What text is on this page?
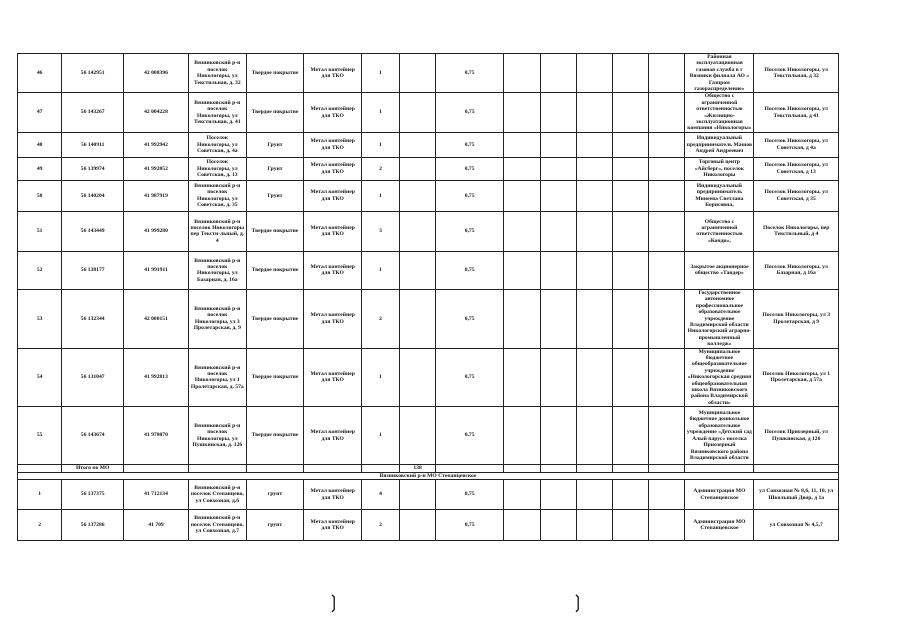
46	56 142951	42 008396	Вязниковский р-н поселок Никологоры, ул Текстильная, д. 32	Твердое покрытие	Метал контейнер для ТКО	1		0,75						Районная эксплуатационная газовая служба в г Вязники филиала АО « Газпром газораспределение»	Поселок Никологоры, ул Текстильная, д 32
47	56 143267	42 004228	Вязниковский р-н поселок Никологоры, ул Текстильная, д. 41	Твердое покрытие	Метал контейнер для ТКО	1		0,75						Общество с ограниченной ответственностью «Жилищно-эксплуатационная компания «Никологоры»	Поселок Никологоры, ул Текстильная, д 41
48	56 140911	41 992942	Поселок Никологоры, ул Советская, д. 4а	Грунт	Метал контейнер для ТКО	1		0,75						Индивидуальный предприниматель Машов Андрей Андреевич	Поселок Никологоры, ул Советская, д 4а
49	56 139974	41 992052	Поселок Никологоры, ул Советская, д. 13	Грунт	Метал контейнер для ТКО	2		0,75						Торговый центр «Айсберг», поселок Никологоры	Поселок Никологоры, ул Советская, д 13
50	56 140204	41 987919	Вязниковский р-н поселок Никологоры, ул Советская, д. 35	Грунт	Метал контейнер для ТКО	1		0,75						Индивидуальный предприниматель Минеева Светлана Борисовна,	Поселок Никологоры, ул Советская, д 35
51	56 143449	41 999280	Вязниковский р-н поселок Никологоры пер Тексти-льный, д. 4	Твердое покрытие	Метал контейнер для ТКО	3		0,75						Общество с ограниченной ответственностью «Конди»,	Поселок Никологоры, пер Текстильный, д 4
52	56 138177	41 991911	Вязниковский р-н поселок Никологоры, ул Базарная, д. 16а	Твердое покрытие	Метал контейнер для ТКО	1		0,75						Закрытое акционерное общество «Тандер»	Поселок Никологоры, ул Базарная, д 16а
53	56 132344	42 000151	Вязниковский р-н поселок Никологоры, ул 3 Пролетарская, д. 9	Твердое покрытие	Метал контейнер для ТКО	2		0,75						Государственное автономное профессиональное образовательное учреждение Владимирской области Никологорский аграрно-промышленный колледж»	Поселок Никологоры, ул 3 Пролетарская, д 9
54	56 131047	41 992813	Вязниковский р-н поселок Никологоры, ул 1 Пролетарская, д. 57а	Твердое покрытие	Метал контейнер для ТКО	1		0,75						Муниципальное бюджетное общеобразовательное учреждение «Никологорская средняя общеобразовательная школа Вязниковского района Владимирской области»	Поселок Никологоры, ул 1 Пролетарская, д 57а
55	56 143674	41 978070	Вязниковский р-н поселок Никологоры, ул Пушкинская, д. 126	Твердое покрытие	Метал контейнер для ТКО	1		0,75						Муниципальное бюджетное дошкольное образовательное учреждение «Детский сад Алый парус» поселка Приозерный Вязниковского района Владимирской области	Поселок Приозерный, ул Пушкинская, д 126
	Итого по МО						138								
Вязниковский р-н МО Степанцевское															
1	56 137375	41 712134	Вязниковский р-н поселок Степанцево, ул Совхозная, д.6	грунт	Метал контейнер для ТКО	4		0,75						Администрация МО Степанцевское	ул Совхозная № 8,6, 11, 10, ул Школьный Двор, д 1а
2	56 137286	41 709	Вязниковский р-н поселок Степанцево, ул Совхозная, д.7	грунт	Метал контейнер для ТКО	2		0,75						Администрация МО Степанцевское	ул Совхозная № 4,5,7
❳	❳
